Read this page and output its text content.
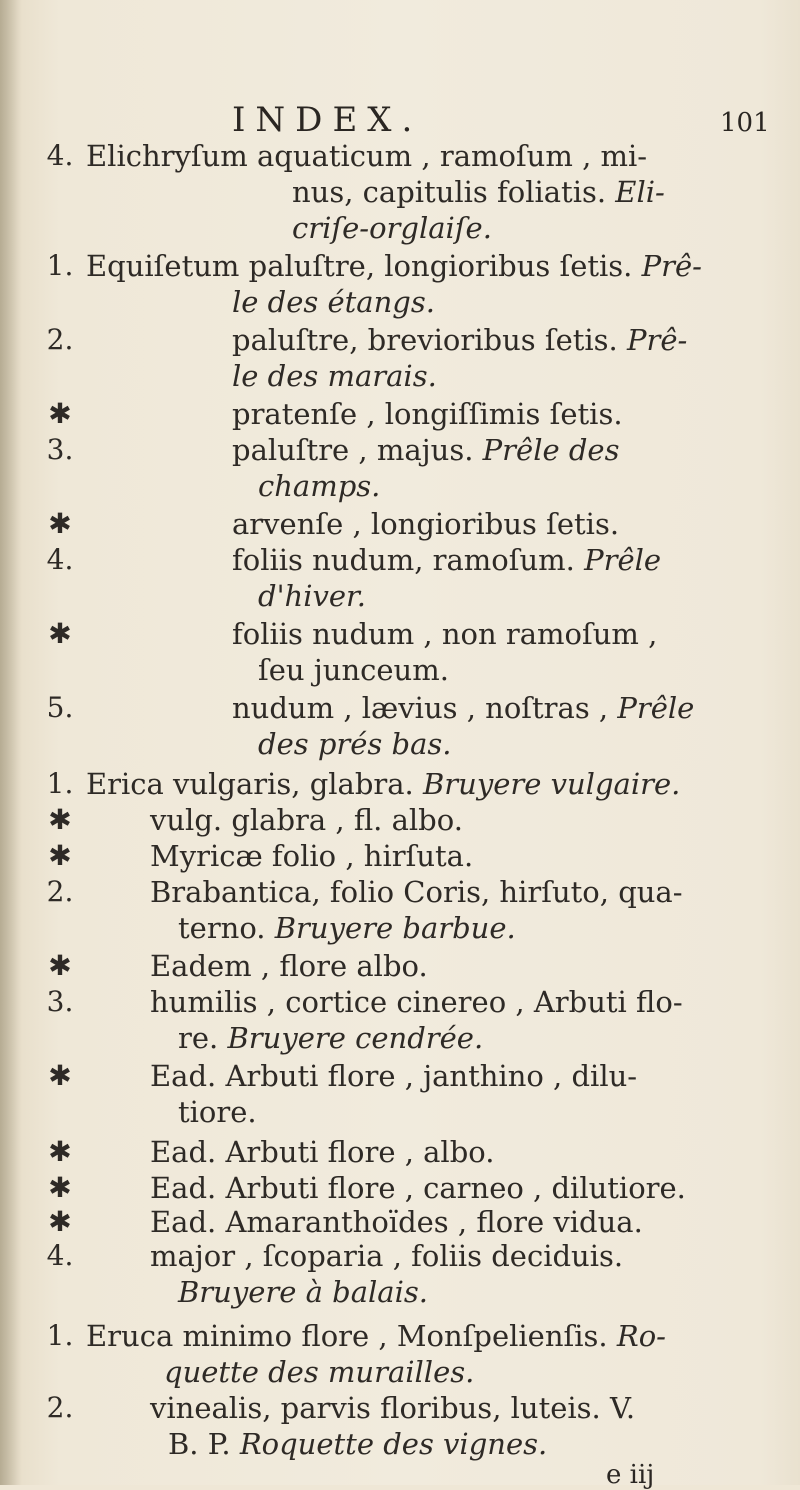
INDEX.	101
4. Elichryſum aquaticum , ramoſum , mi-
nus, capitulis foliatis. Eli-
criſe-orglaiſe.
1. Equiſetum paluſtre, longioribus ſetis. Prê-
le des étangs.
2.	paluſtre, brevioribus ſetis. Prê-
le des marais.
✱	pratenſe , longiſſimis ſetis.
3.	paluſtre , majus. Prêle des
champs.
✱	arvenſe , longioribus ſetis.
4.	foliis nudum, ramoſum. Prêle
d'hiver.
✱	foliis nudum , non ramoſum ,
ſeu junceum.
5.	nudum , lævius , noſtras , Prêle
des prés bas.
1. Erica vulgaris, glabra. Bruyere vulgaire.
✱	vulg. glabra , fl. albo.
✱	Myricæ folio , hirſuta.
2.	Brabantica, folio Coris, hirſuto, qua-
terno. Bruyere barbue.
✱	Eadem , flore albo.
3.	humilis , cortice cinereo , Arbuti flo-
re. Bruyere cendrée.
✱	Ead. Arbuti flore , janthino , dilu-
tiore.
✱	Ead. Arbuti flore , albo.
✱	Ead. Arbuti flore , carneo , dilutiore.
✱	Ead. Amaranthoïdes , flore vidua.
4.	major , ſcoparia , foliis deciduis.
Bruyere à balais.
1. Eruca minimo flore , Monſpelienſis. Ro-
quette des murailles.
2.	vinealis, parvis floribus, luteis. V.
B. P. Roquette des vignes.
e iij
